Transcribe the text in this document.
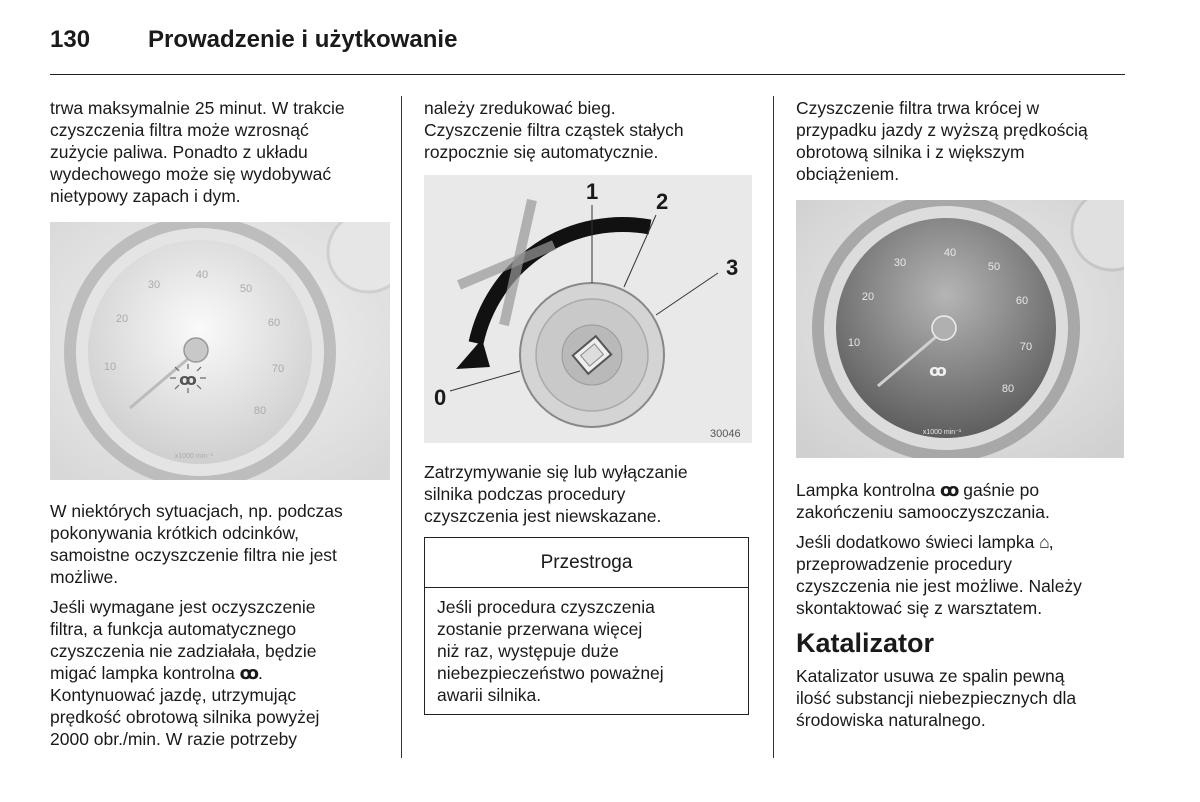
130 Prowadzenie i użytkowanie

trwa maksymalnie 25 minut. W trakcie
czyszczenia filtra może wzrosnąć
zużycie paliwa. Ponadto z układu
wydechowego może się wydobywać
nietypowy zapach i dym.

10
20
30
40
50
60
70
80
x1000 min⁻¹
ꝏ

W niektórych sytuacjach, np. podczas
pokonywania krótkich odcinków,
samoistne oczyszczenie filtra nie jest
możliwe.

Jeśli wymagane jest oczyszczenie
filtra, a funkcja automatycznego
czyszczenia nie zadziałała, będzie
migać lampka kontrolna ꝏ.
Kontynuować jazdę, utrzymując
prędkość obrotową silnika powyżej
2000 obr./min. W razie potrzeby

należy zredukować bieg.
Czyszczenie filtra cząstek stałych
rozpocznie się automatycznie.

1	2
3
0
30046

Zatrzymywanie się lub wyłączanie
silnika podczas procedury
czyszczenia jest niewskazane.

Przestroga
Jeśli procedura czyszczenia
zostanie przerwana więcej
niż raz, występuje duże
niebezpieczeństwo poważnej
awarii silnika.

Czyszczenie filtra trwa krócej w
przypadku jazdy z wyższą prędkością
obrotową silnika i z większym
obciążeniem.

10
20
30
40
50
60
70
80
x1000 min⁻¹
ꝏ

Lampka kontrolna ꝏ gaśnie po
zakończeniu samooczyszczania.

Jeśli dodatkowo świeci lampka ⌂,
przeprowadzenie procedury
czyszczenia nie jest możliwe. Należy
skontaktować się z warsztatem.

Katalizator

Katalizator usuwa ze spalin pewną
ilość substancji niebezpiecznych dla
środowiska naturalnego.
